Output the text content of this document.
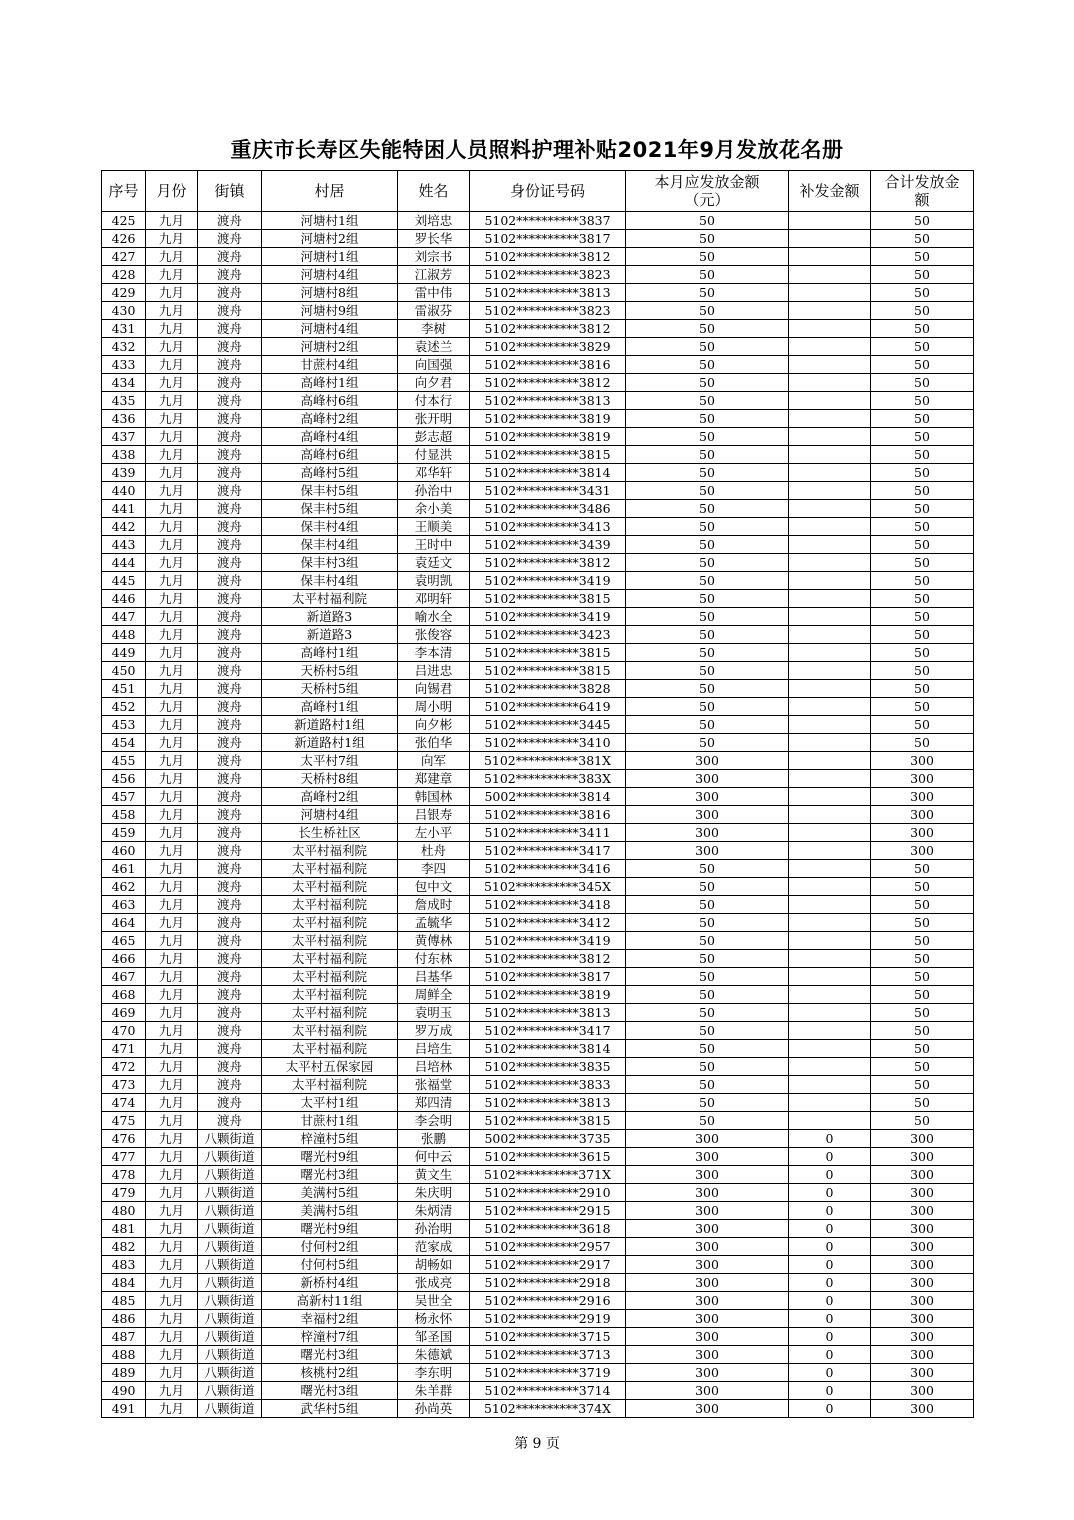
重庆市长寿区失能特困人员照料护理补贴2021年9月发放花名册
序号	月份	街镇	村居	姓名	身份证号码	本月应发放金额（元）	补发金额	合计发放金额
425	九月	渡舟	河塘村1组	刘培忠	5102**********3837	50		50
426	九月	渡舟	河塘村2组	罗长华	5102**********3817	50		50
427	九月	渡舟	河塘村1组	刘宗书	5102**********3812	50		50
428	九月	渡舟	河塘村4组	江淑芳	5102**********3823	50		50
429	九月	渡舟	河塘村8组	雷中伟	5102**********3813	50		50
430	九月	渡舟	河塘村9组	雷淑芬	5102**********3823	50		50
431	九月	渡舟	河塘村4组	李树	5102**********3812	50		50
432	九月	渡舟	河塘村2组	袁述兰	5102**********3829	50		50
433	九月	渡舟	甘蔗村4组	向国强	5102**********3816	50		50
434	九月	渡舟	高峰村1组	向夕君	5102**********3812	50		50
435	九月	渡舟	高峰村6组	付本行	5102**********3813	50		50
436	九月	渡舟	高峰村2组	张开明	5102**********3819	50		50
437	九月	渡舟	高峰村4组	彭志超	5102**********3819	50		50
438	九月	渡舟	高峰村6组	付显洪	5102**********3815	50		50
439	九月	渡舟	高峰村5组	邓华轩	5102**********3814	50		50
440	九月	渡舟	保丰村5组	孙治中	5102**********3431	50		50
441	九月	渡舟	保丰村5组	余小美	5102**********3486	50		50
442	九月	渡舟	保丰村4组	王顺美	5102**********3413	50		50
443	九月	渡舟	保丰村4组	王时中	5102**********3439	50		50
444	九月	渡舟	保丰村3组	袁廷文	5102**********3812	50		50
445	九月	渡舟	保丰村4组	袁明凯	5102**********3419	50		50
446	九月	渡舟	太平村福利院	邓明轩	5102**********3815	50		50
447	九月	渡舟	新道路3	喻水全	5102**********3419	50		50
448	九月	渡舟	新道路3	张俊容	5102**********3423	50		50
449	九月	渡舟	高峰村1组	李本清	5102**********3815	50		50
450	九月	渡舟	天桥村5组	吕进忠	5102**********3815	50		50
451	九月	渡舟	天桥村5组	向锡君	5102**********3828	50		50
452	九月	渡舟	高峰村1组	周小明	5102**********6419	50		50
453	九月	渡舟	新道路村1组	向夕彬	5102**********3445	50		50
454	九月	渡舟	新道路村1组	张伯华	5102**********3410	50		50
455	九月	渡舟	太平村7组	向军	5102**********381X	300		300
456	九月	渡舟	天桥村8组	郑建章	5102**********383X	300		300
457	九月	渡舟	高峰村2组	韩国林	5002**********3814	300		300
458	九月	渡舟	河塘村4组	吕银寿	5102**********3816	300		300
459	九月	渡舟	长生桥社区	左小平	5102**********3411	300		300
460	九月	渡舟	太平村福利院	杜舟	5102**********3417	300		300
461	九月	渡舟	太平村福利院	李四	5102**********3416	50		50
462	九月	渡舟	太平村福利院	包中文	5102**********345X	50		50
463	九月	渡舟	太平村福利院	詹成时	5102**********3418	50		50
464	九月	渡舟	太平村福利院	孟毓华	5102**********3412	50		50
465	九月	渡舟	太平村福利院	黄傅林	5102**********3419	50		50
466	九月	渡舟	太平村福利院	付东林	5102**********3812	50		50
467	九月	渡舟	太平村福利院	吕基华	5102**********3817	50		50
468	九月	渡舟	太平村福利院	周鲜全	5102**********3819	50		50
469	九月	渡舟	太平村福利院	袁明玉	5102**********3813	50		50
470	九月	渡舟	太平村福利院	罗万成	5102**********3417	50		50
471	九月	渡舟	太平村福利院	吕培生	5102**********3814	50		50
472	九月	渡舟	太平村五保家园	吕培林	5102**********3835	50		50
473	九月	渡舟	太平村福利院	张福堂	5102**********3833	50		50
474	九月	渡舟	太平村1组	郑四清	5102**********3813	50		50
475	九月	渡舟	甘蔗村1组	李会明	5102**********3815	50		50
476	九月	八颗街道	梓潼村5组	张鹏	5002**********3735	300	0	300
477	九月	八颗街道	曙光村9组	何中云	5102**********3615	300	0	300
478	九月	八颗街道	曙光村3组	黄文生	5102**********371X	300	0	300
479	九月	八颗街道	美满村5组	朱庆明	5102**********2910	300	0	300
480	九月	八颗街道	美满村5组	朱炳清	5102**********2915	300	0	300
481	九月	八颗街道	曙光村9组	孙治明	5102**********3618	300	0	300
482	九月	八颗街道	付何村2组	范家成	5102**********2957	300	0	300
483	九月	八颗街道	付何村5组	胡畅如	5102**********2917	300	0	300
484	九月	八颗街道	新桥村4组	张成亮	5102**********2918	300	0	300
485	九月	八颗街道	高新村11组	吴世全	5102**********2916	300	0	300
486	九月	八颗街道	幸福村2组	杨永怀	5102**********2919	300	0	300
487	九月	八颗街道	梓潼村7组	邹圣国	5102**********3715	300	0	300
488	九月	八颗街道	曙光村3组	朱德斌	5102**********3713	300	0	300
489	九月	八颗街道	核桃村2组	李东明	5102**********3719	300	0	300
490	九月	八颗街道	曙光村3组	朱羊群	5102**********3714	300	0	300
491	九月	八颗街道	武华村5组	孙尚英	5102**********374X	300	0	300
第 9 页
